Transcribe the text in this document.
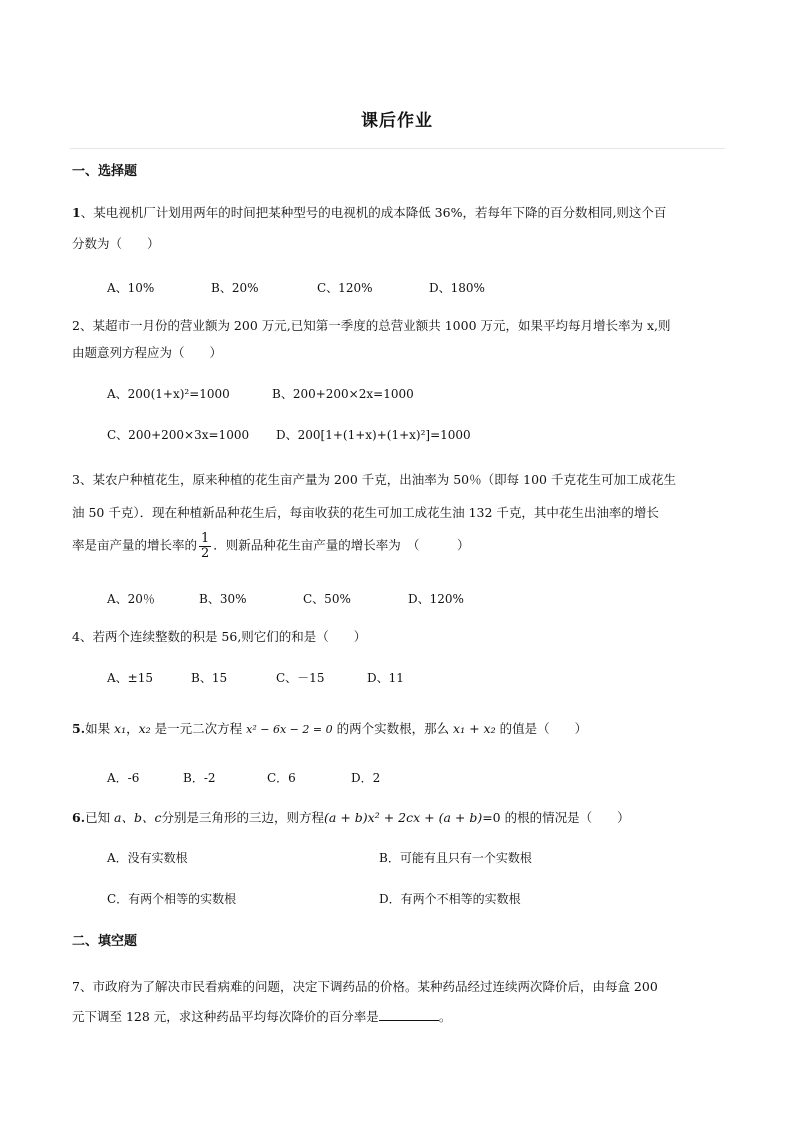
课后作业
一、选择题
1、某电视机厂计划用两年的时间把某种型号的电视机的成本降低 36%，若每年下降的百分数相同,则这个百
分数为（　　）
A、10%	B、20%	C、120%	D、180%
2、某超市一月份的营业额为 200 万元,已知第一季度的总营业额共 1000 万元，如果平均每月增长率为 x,则
由题意列方程应为（　　）
A、200(1+x)²=1000	B、200+200×2x=1000
C、200+200×3x=1000 D、200[1+(1+x)+(1+x)²]=1000
3、某农户种植花生，原来种植的花生亩产量为 200 千克，出油率为 50％（即每 100 千克花生可加工成花生
油 50 千克）．现在种植新品种花生后，每亩收获的花生可加工成花生油 132 千克，其中花生出油率的增长
率是亩产量的增长率的 $\frac{1}{2}$ ．则新品种花生亩产量的增长率为　（　　　）
A、20％	B、30%	C、50%	D、120%
4、若两个连续整数的积是 56,则它们的和是（　　）
A、±15	B、15	C、－15	D、11
5.如果 x₁，x₂ 是一元二次方程 x² − 6x − 2 = 0 的两个实数根，那么 x₁ + x₂ 的值是（　　）
A．-6	B．-2	C．6	D．2
6.已知 a、b、c分别是三角形的三边，则方程(a + b)x² + 2cx + (a + b)=0 的根的情况是（　　）
A．没有实数根	B．可能有且只有一个实数根
C．有两个相等的实数根	D．有两个不相等的实数根
二、填空题
7、市政府为了解决市民看病难的问题，决定下调药品的价格。某种药品经过连续两次降价后，由每盒 200
元下调至 128 元，求这种药品平均每次降价的百分率是	。
